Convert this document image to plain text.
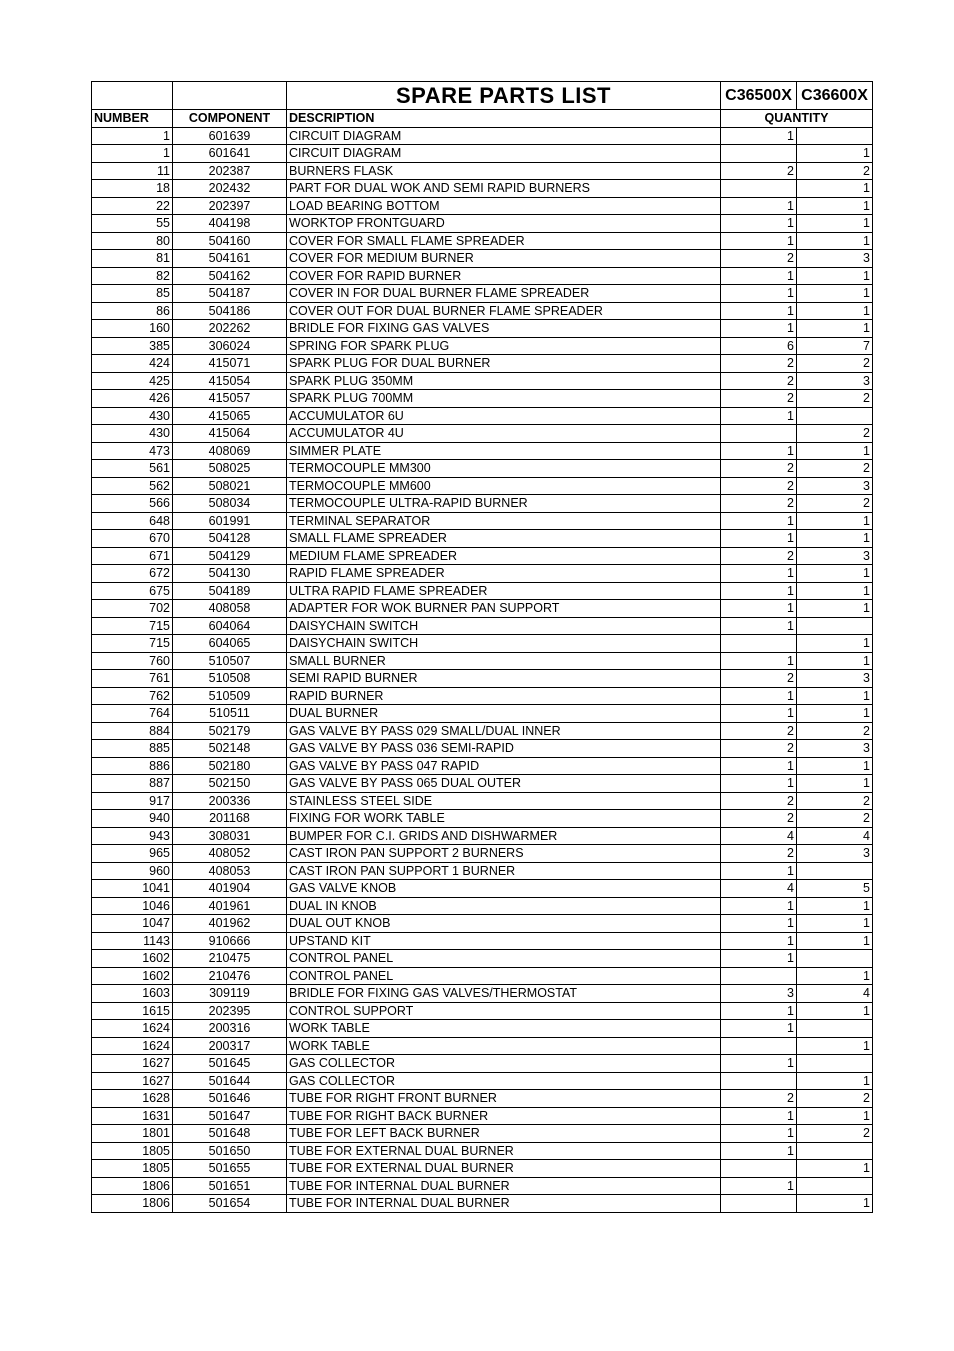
		SPARE PARTS LIST	C36500X	C36600X
NUMBER	COMPONENT	DESCRIPTION	QUANTITY	
1	601639	CIRCUIT DIAGRAM	1	
1	601641	CIRCUIT DIAGRAM		1
11	202387	BURNERS FLASK	2	2
18	202432	PART FOR DUAL WOK AND SEMI RAPID BURNERS		1
22	202397	LOAD BEARING BOTTOM	1	1
55	404198	WORKTOP FRONTGUARD	1	1
80	504160	COVER FOR SMALL FLAME SPREADER	1	1
81	504161	COVER FOR MEDIUM BURNER	2	3
82	504162	COVER FOR RAPID BURNER	1	1
85	504187	COVER IN FOR DUAL BURNER FLAME SPREADER	1	1
86	504186	COVER OUT FOR DUAL BURNER FLAME SPREADER	1	1
160	202262	BRIDLE FOR FIXING GAS VALVES	1	1
385	306024	SPRING FOR SPARK PLUG	6	7
424	415071	SPARK PLUG FOR DUAL BURNER	2	2
425	415054	SPARK PLUG 350MM	2	3
426	415057	SPARK PLUG 700MM	2	2
430	415065	ACCUMULATOR 6U	1	
430	415064	ACCUMULATOR 4U		2
473	408069	SIMMER PLATE	1	1
561	508025	TERMOCOUPLE MM300	2	2
562	508021	TERMOCOUPLE MM600	2	3
566	508034	TERMOCOUPLE ULTRA-RAPID BURNER	2	2
648	601991	TERMINAL SEPARATOR	1	1
670	504128	SMALL FLAME SPREADER	1	1
671	504129	MEDIUM FLAME SPREADER	2	3
672	504130	RAPID FLAME SPREADER	1	1
675	504189	ULTRA RAPID FLAME SPREADER	1	1
702	408058	ADAPTER FOR WOK BURNER PAN SUPPORT	1	1
715	604064	DAISYCHAIN SWITCH	1	
715	604065	DAISYCHAIN SWITCH		1
760	510507	SMALL BURNER	1	1
761	510508	SEMI RAPID BURNER	2	3
762	510509	RAPID BURNER	1	1
764	510511	DUAL BURNER	1	1
884	502179	GAS VALVE BY PASS 029 SMALL/DUAL INNER	2	2
885	502148	GAS VALVE BY PASS 036 SEMI-RAPID	2	3
886	502180	GAS VALVE BY PASS 047 RAPID	1	1
887	502150	GAS VALVE BY PASS 065 DUAL OUTER	1	1
917	200336	STAINLESS STEEL SIDE	2	2
940	201168	FIXING FOR WORK TABLE	2	2
943	308031	BUMPER FOR C.I. GRIDS AND DISHWARMER	4	4
965	408052	CAST IRON PAN SUPPORT 2 BURNERS	2	3
960	408053	CAST IRON PAN SUPPORT 1 BURNER	1	
1041	401904	GAS VALVE KNOB	4	5
1046	401961	DUAL IN KNOB	1	1
1047	401962	DUAL OUT KNOB	1	1
1143	910666	UPSTAND KIT	1	1
1602	210475	CONTROL PANEL	1	
1602	210476	CONTROL PANEL		1
1603	309119	BRIDLE FOR FIXING GAS VALVES/THERMOSTAT	3	4
1615	202395	CONTROL SUPPORT	1	1
1624	200316	WORK TABLE	1	
1624	200317	WORK TABLE		1
1627	501645	GAS COLLECTOR	1	
1627	501644	GAS COLLECTOR		1
1628	501646	TUBE FOR RIGHT FRONT BURNER	2	2
1631	501647	TUBE FOR RIGHT BACK BURNER	1	1
1801	501648	TUBE FOR LEFT BACK BURNER	1	2
1805	501650	TUBE FOR EXTERNAL DUAL BURNER	1	
1805	501655	TUBE FOR EXTERNAL DUAL BURNER		1
1806	501651	TUBE FOR INTERNAL DUAL BURNER	1	
1806	501654	TUBE FOR INTERNAL DUAL BURNER		1
